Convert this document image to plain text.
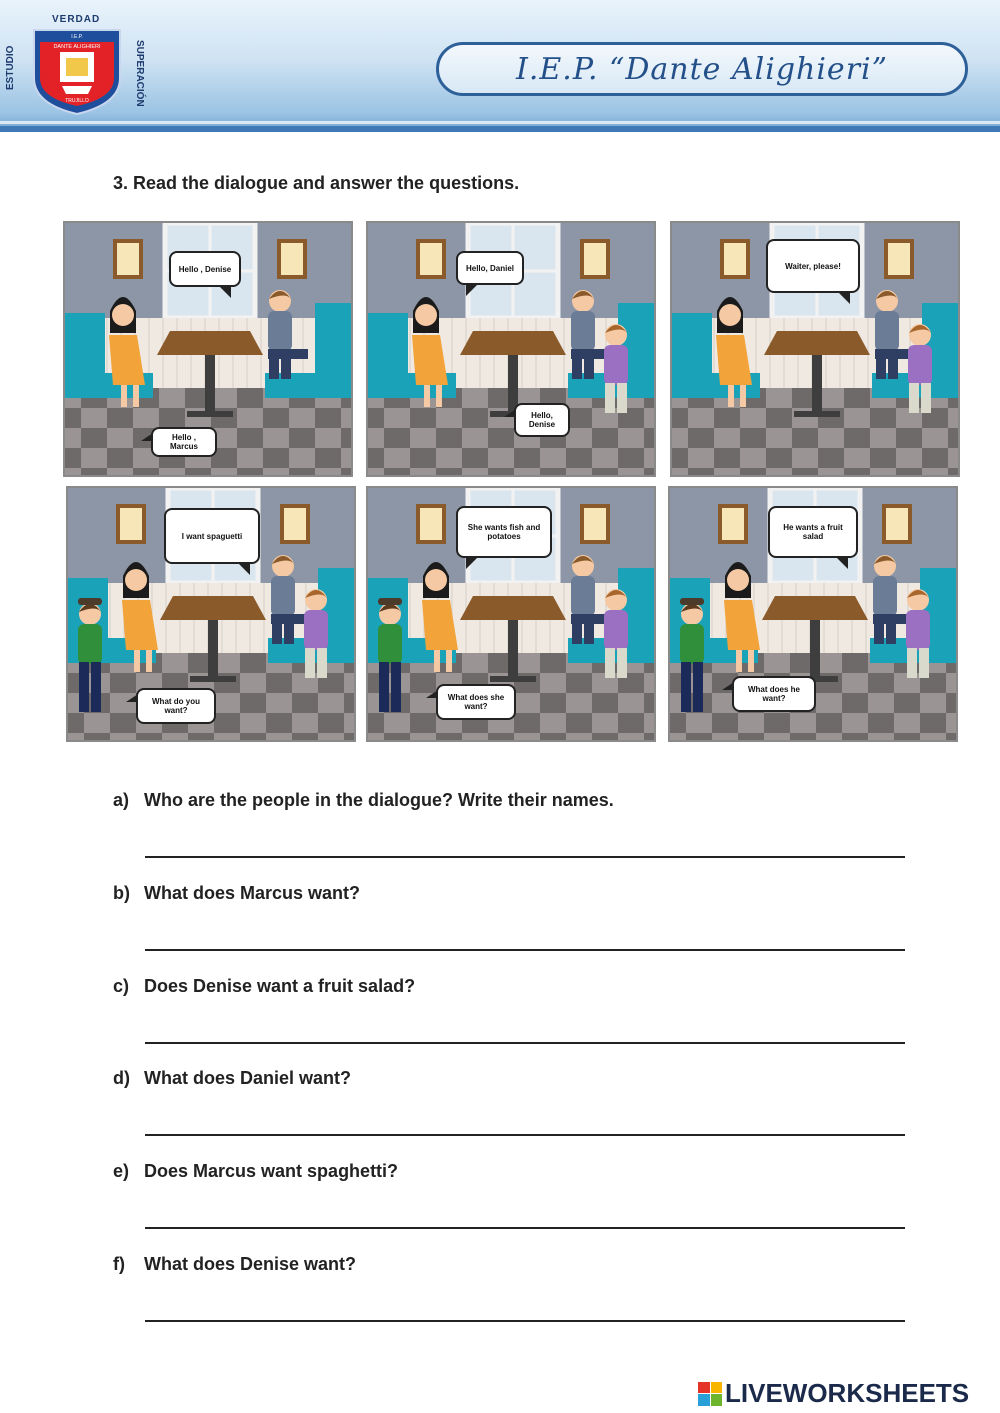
VERDAD
ESTUDIO	SUPERACIÓN
I.E.P.
DANTE ALIGHIERI
TRUJILLO
I.E.P. “Dante Alighieri”
3. Read the dialogue and answer the questions.
Hello , Denise
Hello , Marcus
Hello, Daniel
Hello, Denise
Waiter, please!
I want spaguetti
What do you want?
She wants fish and potatoes
What does she want?
He wants a fruit salad
What does he want?
a) Who are the people in the dialogue? Write their names.
b) What does Marcus want?
c) Does Denise want a fruit salad?
d) What does Daniel want?
e) Does Marcus want spaghetti?
f) What does Denise want?
LIVEWORKSHEETS
